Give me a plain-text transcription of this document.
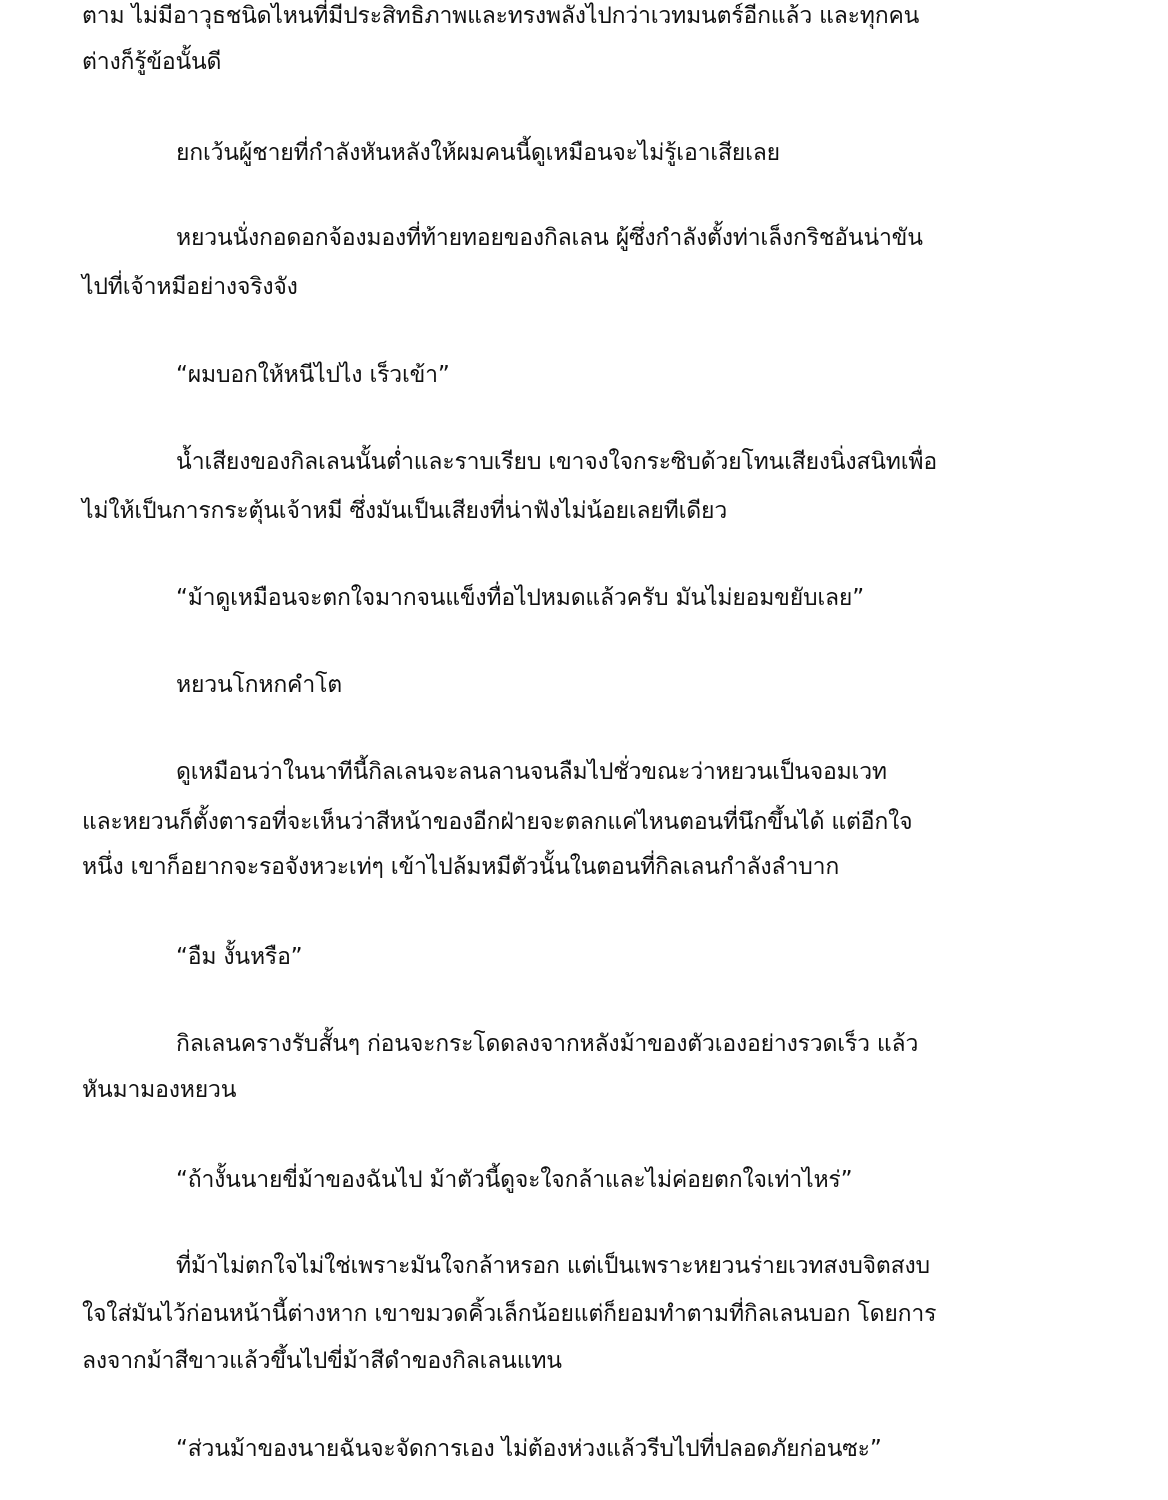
ตาม ไม่มีอาวุธชนิดไหนที่มีประสิทธิภาพและทรงพลังไปกว่าเวทมนตร์อีกแล้ว และทุกคน
ต่างก็รู้ข้อนั้นดี
ยกเว้นผู้ชายที่กำลังหันหลังให้ผมคนนี้ดูเหมือนจะไม่รู้เอาเสียเลย
หยวนนั่งกอดอกจ้องมองที่ท้ายทอยของกิลเลน ผู้ซึ่งกำลังตั้งท่าเล็งกริชอันน่าขัน
ไปที่เจ้าหมีอย่างจริงจัง
“ผมบอกให้หนีไปไง เร็วเข้า”
น้ำเสียงของกิลเลนนั้นต่ำและราบเรียบ เขาจงใจกระซิบด้วยโทนเสียงนิ่งสนิทเพื่อ
ไม่ให้เป็นการกระตุ้นเจ้าหมี ซึ่งมันเป็นเสียงที่น่าฟังไม่น้อยเลยทีเดียว
“ม้าดูเหมือนจะตกใจมากจนแข็งทื่อไปหมดแล้วครับ มันไม่ยอมขยับเลย”
หยวนโกหกคำโต
ดูเหมือนว่าในนาทีนี้กิลเลนจะลนลานจนลืมไปชั่วขณะว่าหยวนเป็นจอมเวท
และหยวนก็ตั้งตารอที่จะเห็นว่าสีหน้าของอีกฝ่ายจะตลกแค่ไหนตอนที่นึกขึ้นได้ แต่อีกใจ
หนึ่ง เขาก็อยากจะรอจังหวะเท่ๆ เข้าไปล้มหมีตัวนั้นในตอนที่กิลเลนกำลังลำบาก
“อืม งั้นหรือ”
กิลเลนครางรับสั้นๆ ก่อนจะกระโดดลงจากหลังม้าของตัวเองอย่างรวดเร็ว แล้ว
หันมามองหยวน
“ถ้างั้นนายขี่ม้าของฉันไป ม้าตัวนี้ดูจะใจกล้าและไม่ค่อยตกใจเท่าไหร่”
ที่ม้าไม่ตกใจไม่ใช่เพราะมันใจกล้าหรอก แต่เป็นเพราะหยวนร่ายเวทสงบจิตสงบ
ใจใส่มันไว้ก่อนหน้านี้ต่างหาก เขาขมวดคิ้วเล็กน้อยแต่ก็ยอมทำตามที่กิลเลนบอก โดยการ
ลงจากม้าสีขาวแล้วขึ้นไปขี่ม้าสีดำของกิลเลนแทน
“ส่วนม้าของนายฉันจะจัดการเอง ไม่ต้องห่วงแล้วรีบไปที่ปลอดภัยก่อนซะ”
